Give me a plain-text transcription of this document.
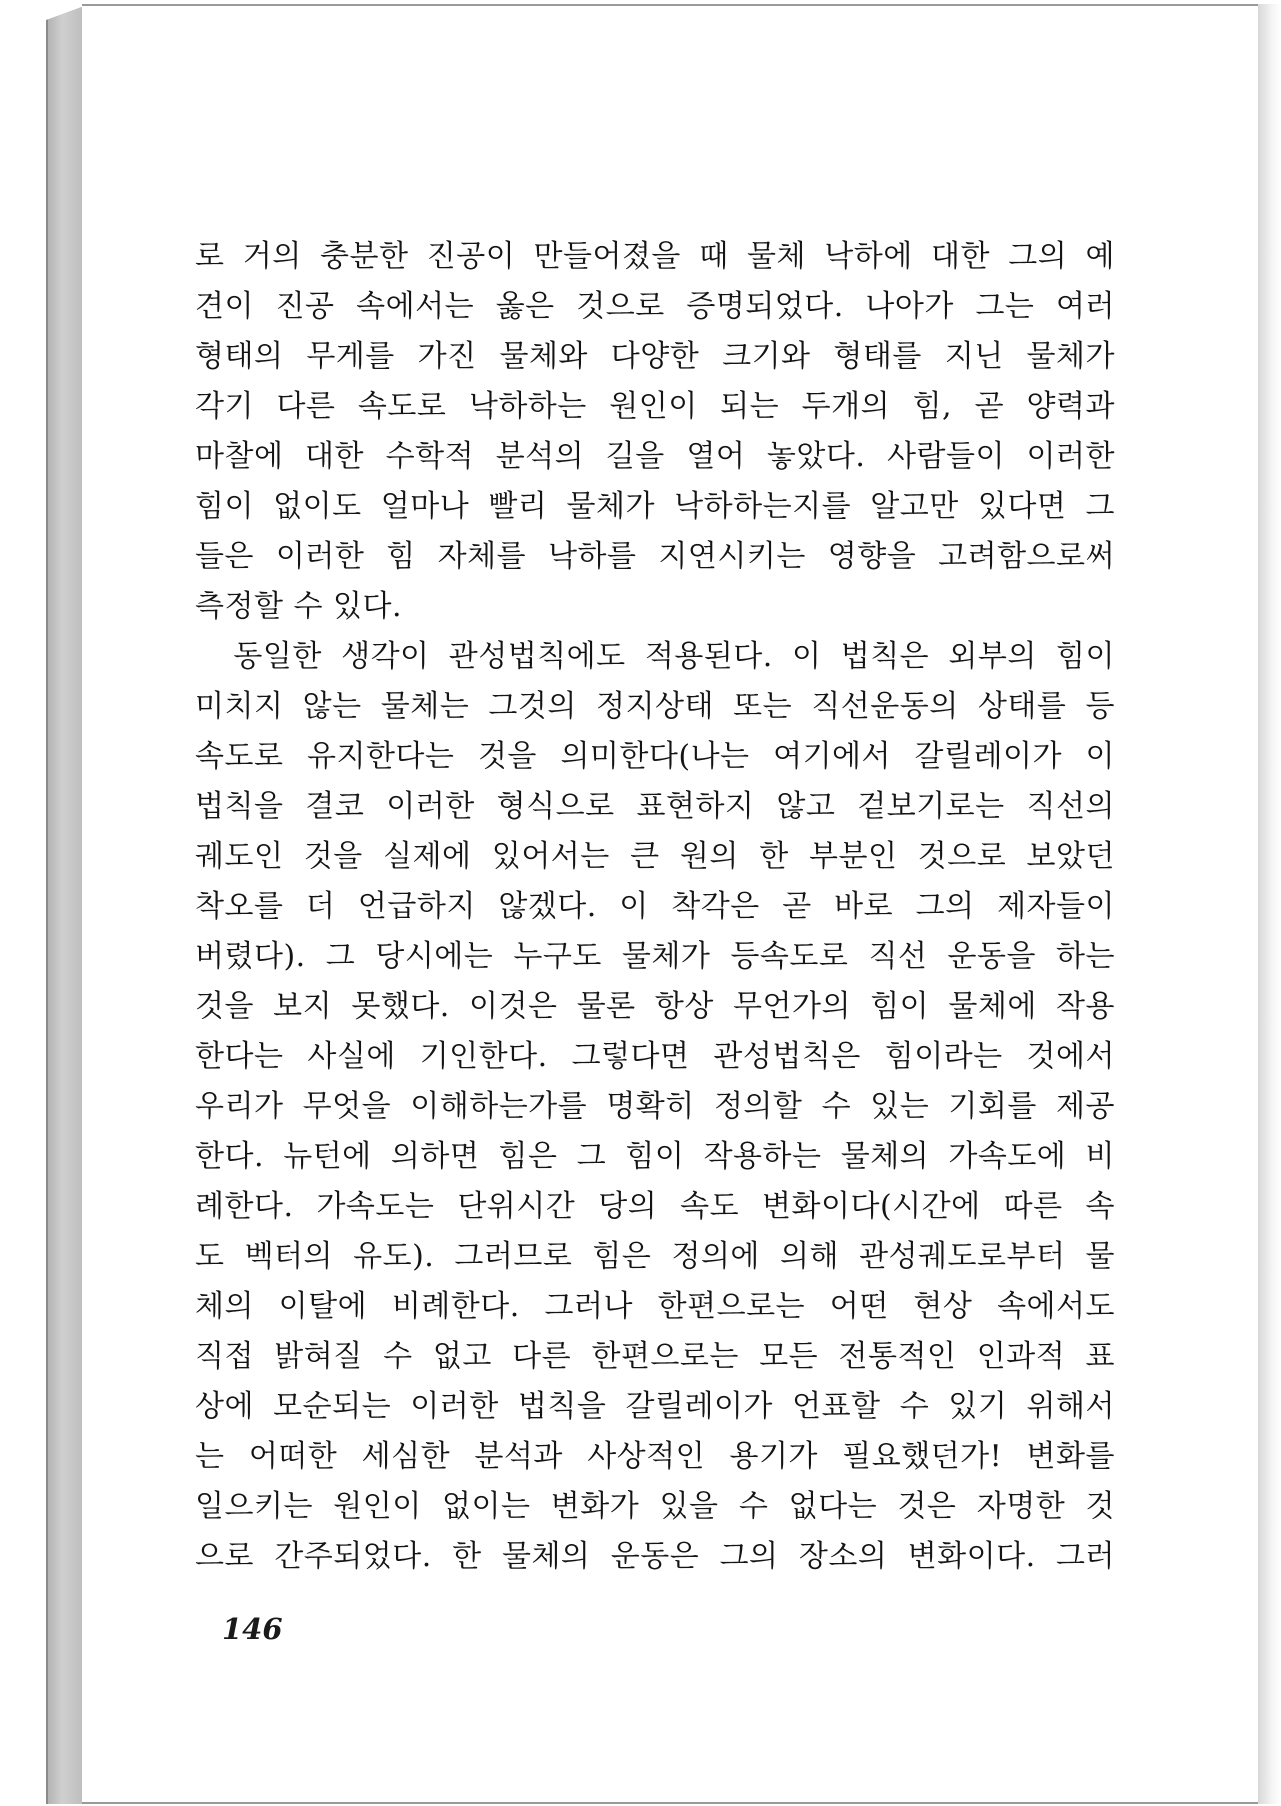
로 거의 충분한 진공이 만들어졌을 때 물체 낙하에 대한 그의 예
견이 진공 속에서는 옳은 것으로 증명되었다. 나아가 그는 여러
형태의 무게를 가진 물체와 다양한 크기와 형태를 지닌 물체가
각기 다른 속도로 낙하하는 원인이 되는 두개의 힘, 곧 양력과
마찰에 대한 수학적 분석의 길을 열어 놓았다. 사람들이 이러한
힘이 없이도 얼마나 빨리 물체가 낙하하는지를 알고만 있다면 그
들은 이러한 힘 자체를 낙하를 지연시키는 영향을 고려함으로써
측정할 수 있다.
동일한 생각이 관성법칙에도 적용된다. 이 법칙은 외부의 힘이
미치지 않는 물체는 그것의 정지상태 또는 직선운동의 상태를 등
속도로 유지한다는 것을 의미한다(나는 여기에서 갈릴레이가 이
법칙을 결코 이러한 형식으로 표현하지 않고 겉보기로는 직선의
궤도인 것을 실제에 있어서는 큰 원의 한 부분인 것으로 보았던
착오를 더 언급하지 않겠다. 이 착각은 곧 바로 그의 제자들이
버렸다). 그 당시에는 누구도 물체가 등속도로 직선 운동을 하는
것을 보지 못했다. 이것은 물론 항상 무언가의 힘이 물체에 작용
한다는 사실에 기인한다. 그렇다면 관성법칙은 힘이라는 것에서
우리가 무엇을 이해하는가를 명확히 정의할 수 있는 기회를 제공
한다. 뉴턴에 의하면 힘은 그 힘이 작용하는 물체의 가속도에 비
례한다. 가속도는 단위시간 당의 속도 변화이다(시간에 따른 속
도 벡터의 유도). 그러므로 힘은 정의에 의해 관성궤도로부터 물
체의 이탈에 비례한다. 그러나 한편으로는 어떤 현상 속에서도
직접 밝혀질 수 없고 다른 한편으로는 모든 전통적인 인과적 표
상에 모순되는 이러한 법칙을 갈릴레이가 언표할 수 있기 위해서
는 어떠한 세심한 분석과 사상적인 용기가 필요했던가! 변화를
일으키는 원인이 없이는 변화가 있을 수 없다는 것은 자명한 것
으로 간주되었다. 한 물체의 운동은 그의 장소의 변화이다. 그러
146
